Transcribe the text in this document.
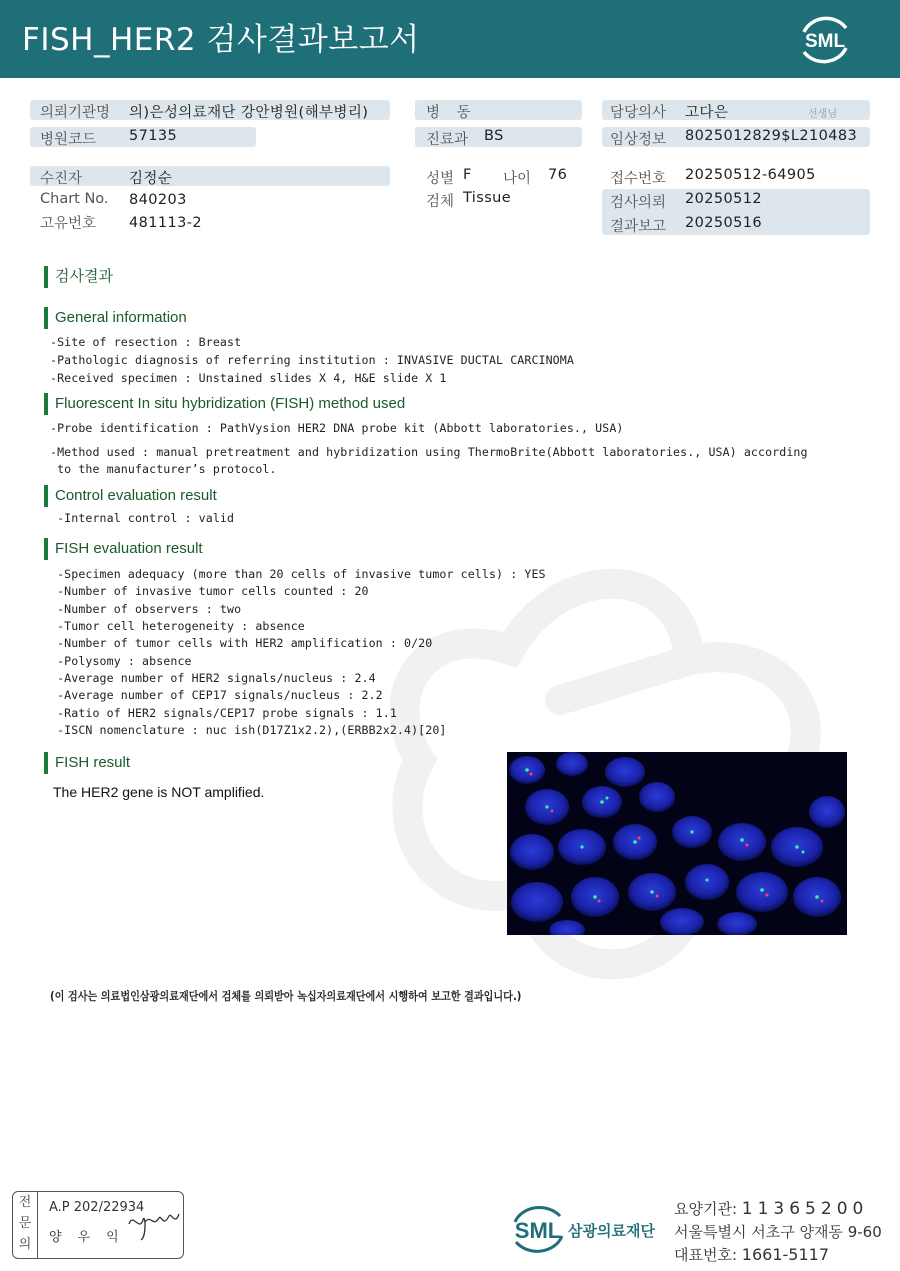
FISH_HER2 검사결과보고서	SML
의뢰기관명 의)은성의료재단 강안병원(해부병리)
병원코드 57135
병 동
진료과 BS
담당의사 고다은	선생님
임상정보 8025012829$L210483
수진자	김정순
Chart No. 840203
고유번호 481113-2
성별 F 나이 76
검체 Tissue
접수번호 20250512-64905
검사의뢰 20250512
결과보고 20250516
검사결과
General information
-Site of resection : Breast
-Pathologic diagnosis of referring institution : INVASIVE DUCTAL CARCINOMA
-Received specimen : Unstained slides X 4, H&E slide X 1
Fluorescent In situ hybridization (FISH) method used
-Probe identification : PathVysion HER2 DNA probe kit (Abbott laboratories., USA)
-Method used : manual pretreatment and hybridization using ThermoBrite(Abbott laboratories., USA) according
to the manufacturer’s protocol.
Control evaluation result
-Internal control : valid
FISH evaluation result
-Specimen adequacy (more than 20 cells of invasive tumor cells) : YES
-Number of invasive tumor cells counted : 20
-Number of observers : two
-Tumor cell heterogeneity : absence
-Number of tumor cells with HER2 amplification : 0/20
-Polysomy : absence
-Average number of HER2 signals/nucleus : 2.4
-Average number of CEP17 signals/nucleus : 2.2
-Ratio of HER2 signals/CEP17 probe signals : 1.1
-ISCN nomenclature : nuc ish(D17Z1x2.2),(ERBB2x2.4)[20]
FISH result
The HER2 gene is NOT amplified.
(이 검사는 의료법인삼광의료재단에서 검체를 의뢰받아 녹십자의료재단에서 시행하여 보고한 결과입니다.)
전
문
의
A.P 202/22934
양우익	SML 삼광의료재단
요양기관: 11365200
서울특별시 서초구 양재동 9-60
대표번호: 1661-5117
